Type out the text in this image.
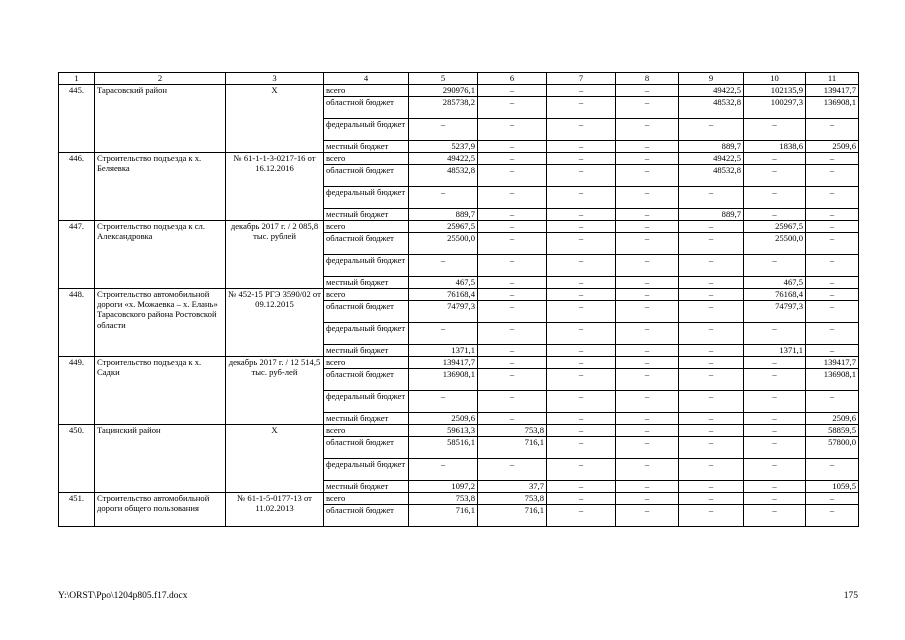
1	2	3	4	5	6	7	8	9	10	11
445.	Тарасовский район	Х	всего	290976,1	–	–	–	49422,5	102135,9	139417,7
			областной бюджет	285738,2	–	–	–	48532,8	100297,3	136908,1
			федеральный бюджет	–	–	–	–	–	–	–
			местный бюджет	5237,9	–	–	–	889,7	1838,6	2509,6
446.	Строительство подъезда к х. Беляевка	№ 61-1-1-3-0217-16 от 16.12.2016	всего	49422,5	–	–	–	49422,5	–	–
			областной бюджет	48532,8	–	–	–	48532,8	–	–
			федеральный бюджет	–	–	–	–	–	–	–
			местный бюджет	889,7	–	–	–	889,7	–	–
447.	Строительство подъезда к сл. Александровка	декабрь 2017 г. / 2 085,8 тыс. рублей	всего	25967,5	–	–	–	–	25967,5	–
			областной бюджет	25500,0	–	–	–	–	25500,0	–
			федеральный бюджет	–	–	–	–	–	–	–
			местный бюджет	467,5	–	–	–	–	467,5	–
448.	Строительство автомобильной дороги «х. Можаевка – х. Елань» Тарасовского района Ростовской области	№ 452-15 РГЭ 3590/02 от 09.12.2015	всего	76168,4	–	–	–	–	76168,4	–
			областной бюджет	74797,3	–	–	–	–	74797,3	–
			федеральный бюджет	–	–	–	–	–	–	–
			местный бюджет	1371,1	–	–	–	–	1371,1	–
449.	Строительство подъезда к х. Садки	декабрь 2017 г. / 12 514,5 тыс. руб-лей	всего	139417,7	–	–	–	–	–	139417,7
			областной бюджет	136908,1	–	–	–	–	–	136908,1
			федеральный бюджет	–	–	–	–	–	–	–
			местный бюджет	2509,6	–	–	–	–	–	2509,6
450.	Тацинский район	Х	всего	59613,3	753,8	–	–	–	–	58859,5
			областной бюджет	58516,1	716,1	–	–	–	–	57800,0
			федеральный бюджет	–	–	–	–	–	–	–
			местный бюджет	1097,2	37,7	–	–	–	–	1059,5
451.	Строительство автомобильной дороги общего пользования	№ 61-1-5-0177-13 от 11.02.2013	всего	753,8	753,8	–	–	–	–	–
			областной бюджет	716,1	716,1	–	–	–	–	–
Y:\ORST\Ppo\1204p805.f17.docx	175
